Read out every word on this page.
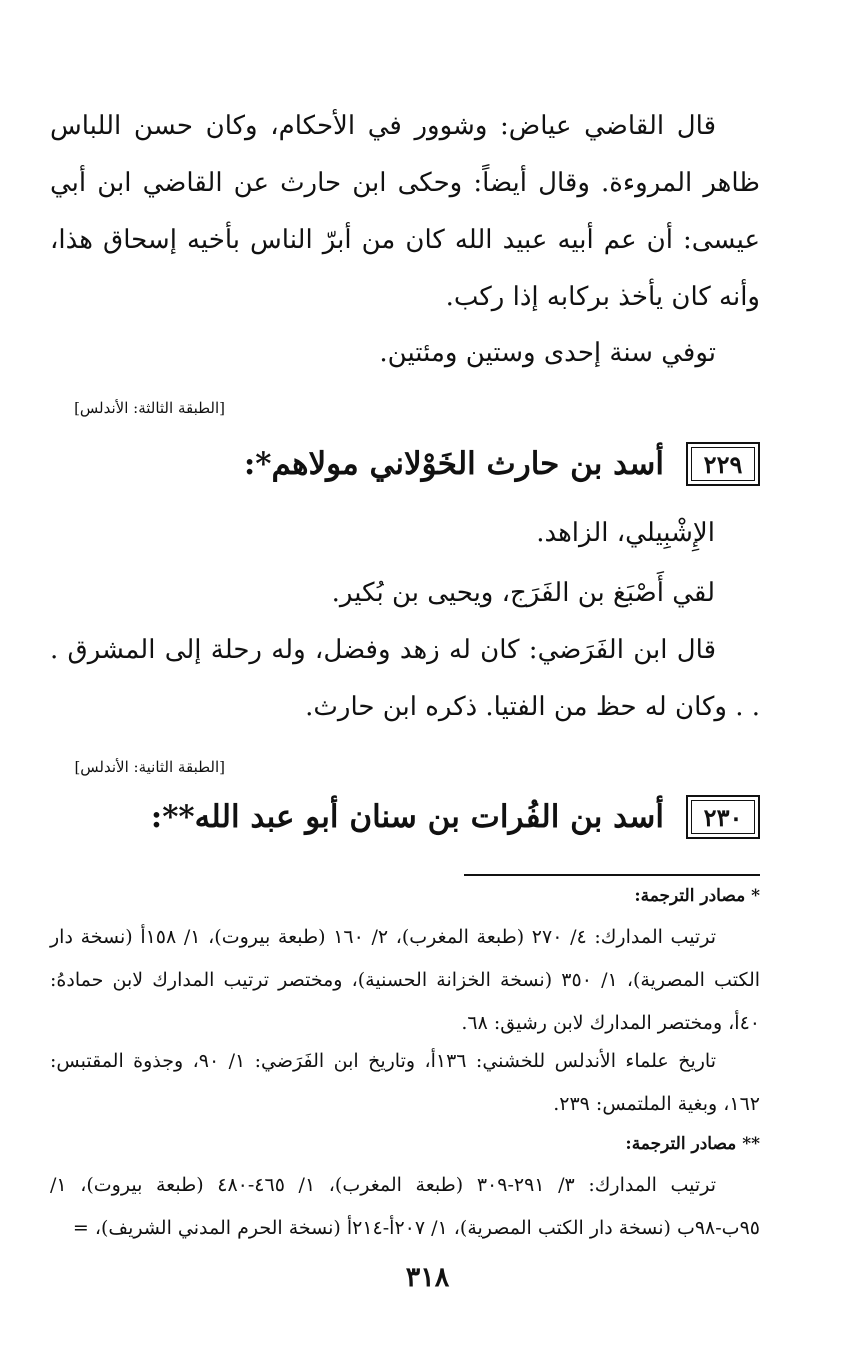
قال القاضي عياض: وشوور في الأحكام، وكان حسن اللباس ظاهر المروءة. وقال أيضاً: وحكى ابن حارث عن القاضي ابن أبي عيسى: أن عم أبيه عبيد الله كان من أبرّ الناس بأخيه إسحاق هذا، وأنه كان يأخذ بركابه إذا ركب.
توفي سنة إحدى وستين ومئتين.
[الطبقة الثالثة: الأندلس]
٢٢٩
أسد بن حارث الخَوْلاني مولاهم*:
الإِشْبِيلي، الزاهد.
لقي أَصْبَغ بن الفَرَج، ويحيى بن بُكير.
قال ابن الفَرَضي: كان له زهد وفضل، وله رحلة إلى المشرق . . . وكان له حظ من الفتيا. ذكره ابن حارث.
[الطبقة الثانية: الأندلس]
٢٣٠
أسد بن الفُرات بن سنان أبو عبد الله**:
* مصادر الترجمة:
ترتيب المدارك: ٤/ ٢٧٠ (طبعة المغرب)، ٢/ ١٦٠ (طبعة بيروت)، ١/ ١٥٨أ (نسخة دار الكتب المصرية)، ١/ ٣٥٠ (نسخة الخزانة الحسنية)، ومختصر ترتيب المدارك لابن حمادهُ: ٤٠أ، ومختصر المدارك لابن رشيق: ٦٨.
تاريخ علماء الأندلس للخشني: ١٣٦أ، وتاريخ ابن الفَرَضي: ١/ ٩٠، وجذوة المقتبس: ١٦٢، وبغية الملتمس: ٢٣٩.
** مصادر الترجمة:
ترتيب المدارك: ٣/ ٢٩١-٣٠٩ (طبعة المغرب)، ١/ ٤٦٥-٤٨٠ (طبعة بيروت)، ١/ ٩٥ب-٩٨ب (نسخة دار الكتب المصرية)، ١/ ٢٠٧أ-٢١٤أ (نسخة الحرم المدني الشريف)، =
٣١٨
